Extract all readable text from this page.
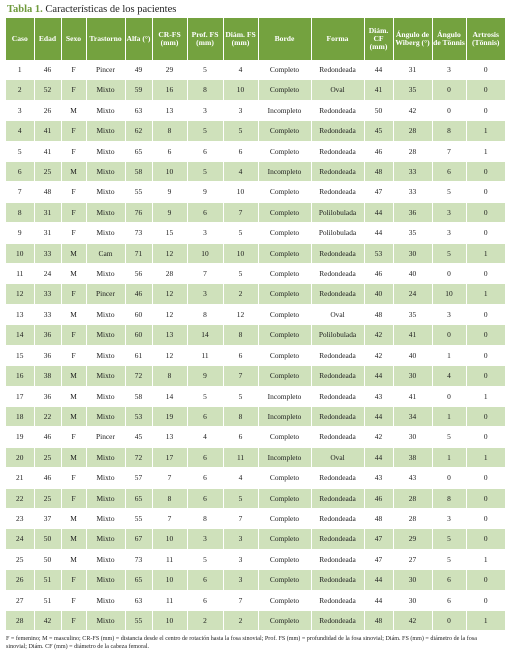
Tabla 1. Características de los pacientes
Caso	Edad	Sexo	Trastorno	Alfa (°)	CR-FS (mm)	Prof. FS (mm)	Diám. FS (mm)	Borde	Forma	Diám. CF (mm)	Ángulo de Wiberg (°)	Ángulo de Tönnis	Artrosis (Tönnis)
1	46	F	Pincer	49	29	5	4	Completo	Redondeada	44	31	3	0
2	52	F	Mixto	59	16	8	10	Completo	Oval	41	35	0	0
3	26	M	Mixto	63	13	3	3	Incompleto	Redondeada	50	42	0	0
4	41	F	Mixto	62	8	5	5	Completo	Redondeada	45	28	8	1
5	41	F	Mixto	65	6	6	6	Completo	Redondeada	46	28	7	1
6	25	M	Mixto	58	10	5	4	Incompleto	Redondeada	48	33	6	0
7	48	F	Mixto	55	9	9	10	Completo	Redondeada	47	33	5	0
8	31	F	Mixto	76	9	6	7	Completo	Polilobulada	44	36	3	0
9	31	F	Mixto	73	15	3	5	Completo	Polilobulada	44	35	3	0
10	33	M	Cam	71	12	10	10	Completo	Redondeada	53	30	5	1
11	24	M	Mixto	56	28	7	5	Completo	Redondeada	46	40	0	0
12	33	F	Pincer	46	12	3	2	Completo	Redondeada	40	24	10	1
13	33	M	Mixto	60	12	8	12	Completo	Oval	48	35	3	0
14	36	F	Mixto	60	13	14	8	Completo	Polilobulada	42	41	0	0
15	36	F	Mixto	61	12	11	6	Completo	Redondeada	42	40	1	0
16	38	M	Mixto	72	8	9	7	Completo	Redondeada	44	30	4	0
17	36	M	Mixto	58	14	5	5	Incompleto	Redondeada	43	41	0	1
18	22	M	Mixto	53	19	6	8	Incompleto	Redondeada	44	34	1	0
19	46	F	Pincer	45	13	4	6	Completo	Redondeada	42	30	5	0
20	25	M	Mixto	72	17	6	11	Incompleto	Oval	44	38	1	1
21	46	F	Mixto	57	7	6	4	Completo	Redondeada	43	43	0	0
22	25	F	Mixto	65	8	6	5	Completo	Redondeada	46	28	8	0
23	37	M	Mixto	55	7	8	7	Completo	Redondeada	48	28	3	0
24	50	M	Mixto	67	10	3	3	Completo	Redondeada	47	29	5	0
25	50	M	Mixto	73	11	5	3	Completo	Redondeada	47	27	5	1
26	51	F	Mixto	65	10	6	3	Completo	Redondeada	44	30	6	0
27	51	F	Mixto	63	11	6	7	Completo	Redondeada	44	30	6	0
28	42	F	Mixto	55	10	2	2	Completo	Redondeada	48	42	0	1
F = femenino; M = masculino; CR-FS (mm) = distancia desde el centro de rotación hasta la fosa sinovial; Prof. FS (mm) = profundidad de la fosa sinovial; Diám. FS (mm) = diámetro de la fosa sinovial; Diám. CF (mm) = diámetro de la cabeza femoral.
